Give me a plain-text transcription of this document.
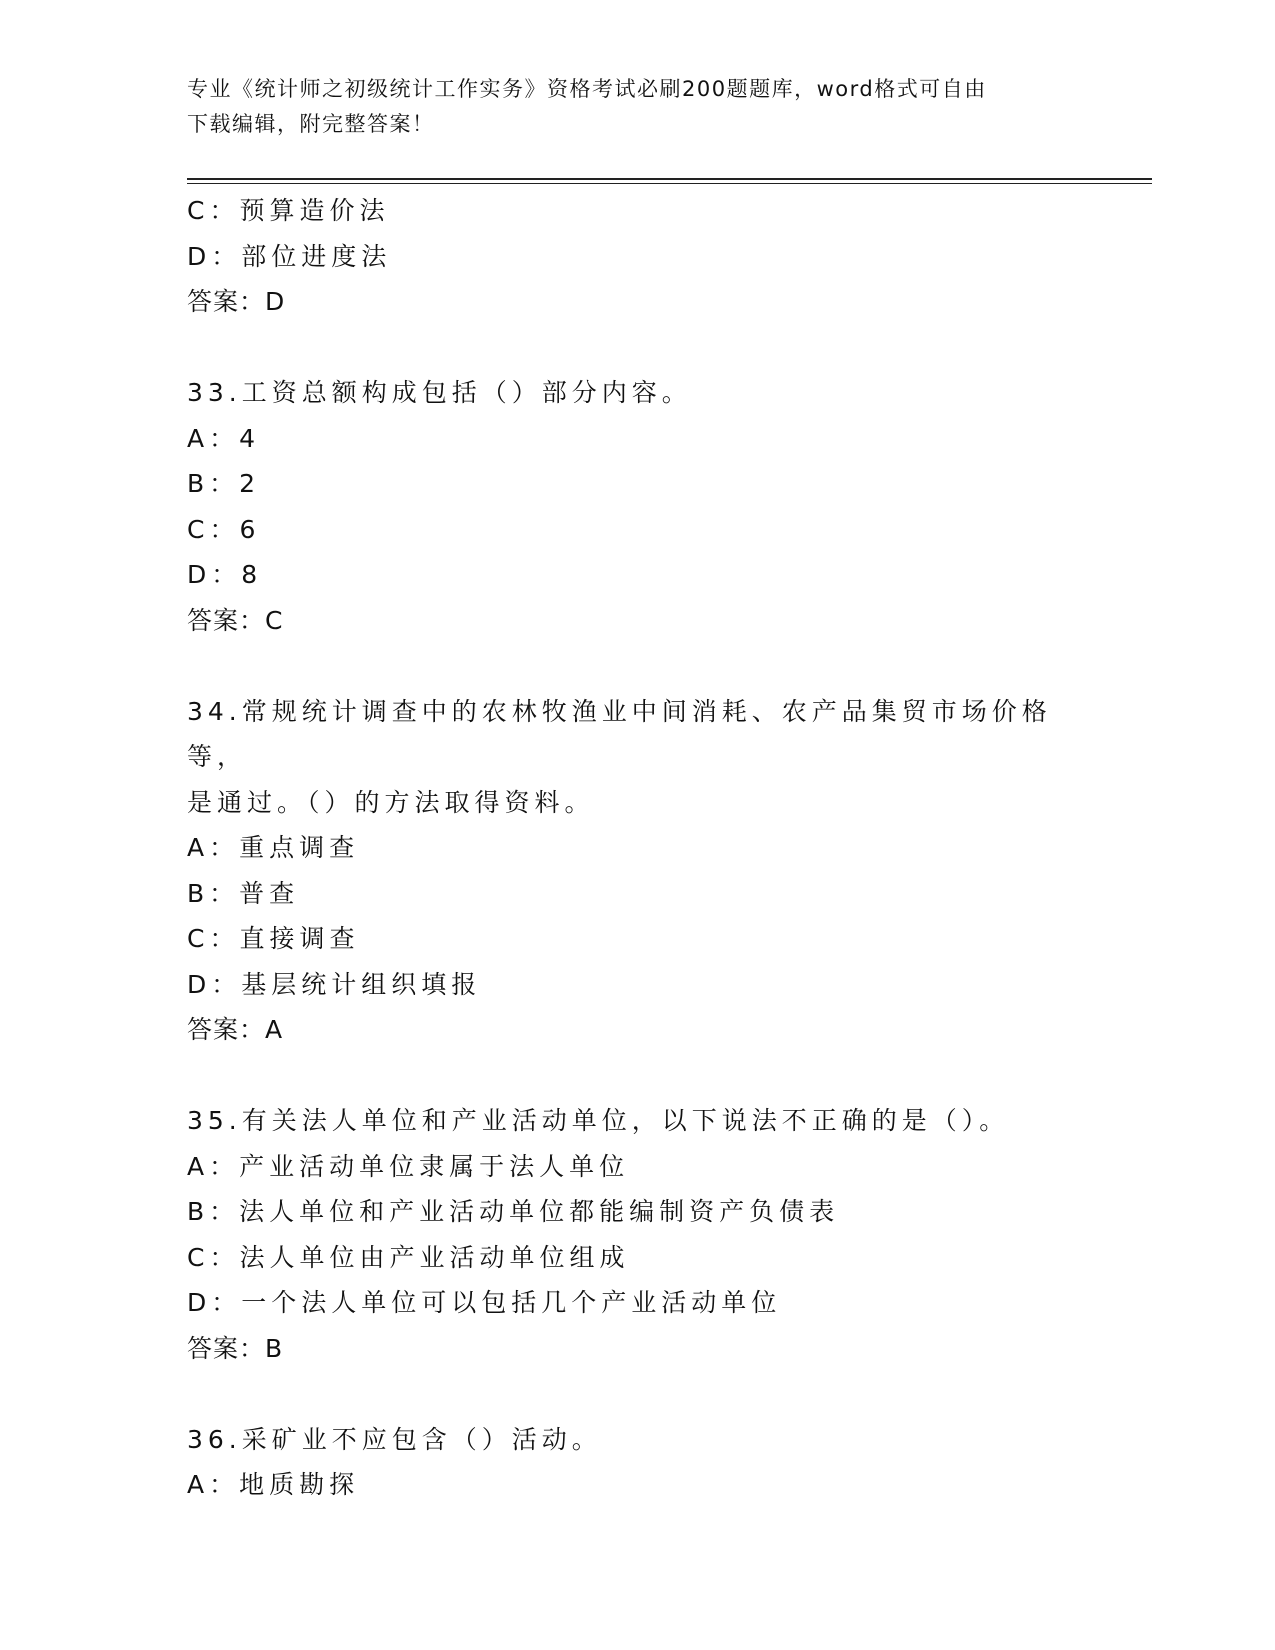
专业《统计师之初级统计工作实务》资格考试必刷200题题库，word格式可自由
下载编辑，附完整答案！
C：预算造价法
D：部位进度法
答案：D
33.工资总额构成包括（）部分内容。
A：4
B：2
C：6
D：8
答案：C
34.常规统计调查中的农林牧渔业中间消耗、农产品集贸市场价格等，
是通过。（）的方法取得资料。
A：重点调查
B：普查
C：直接调查
D：基层统计组织填报
答案：A
35.有关法人单位和产业活动单位，以下说法不正确的是（）。
A：产业活动单位隶属于法人单位
B：法人单位和产业活动单位都能编制资产负债表
C：法人单位由产业活动单位组成
D：一个法人单位可以包括几个产业活动单位
答案：B
36.采矿业不应包含（）活动。
A：地质勘探
